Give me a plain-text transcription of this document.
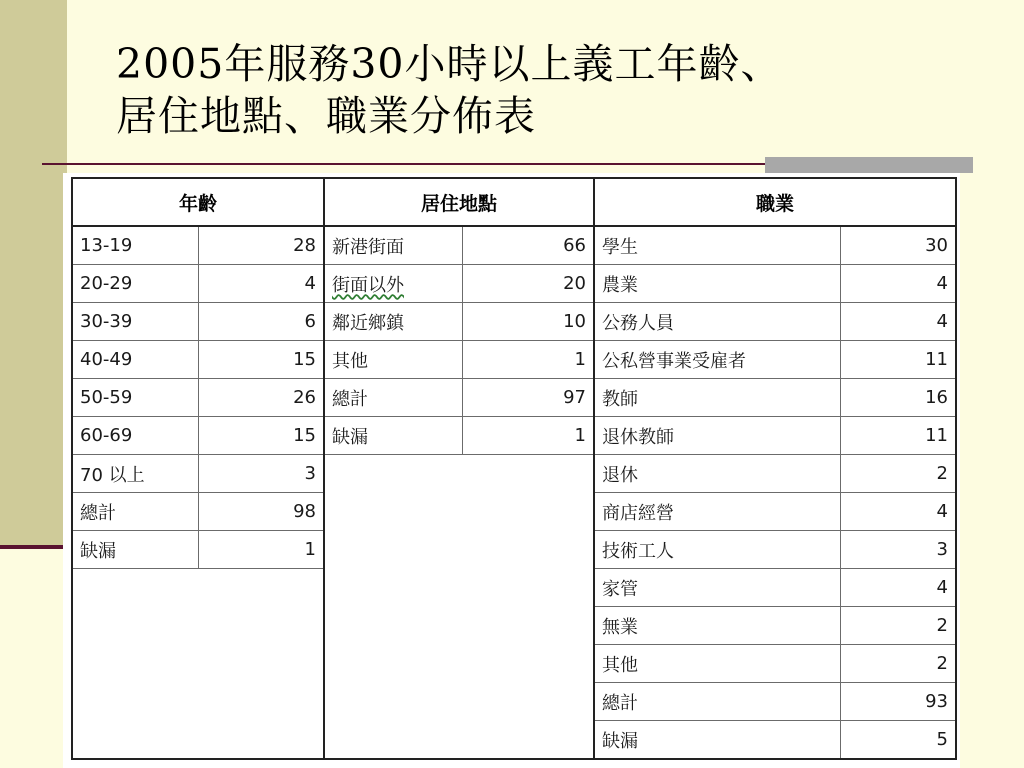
2005年服務30小時以上義工年齡、
居住地點、職業分佈表
年齡		居住地點		職業	
13-19	28	新港街面	66	學生	30
20-29	4	街面以外	20	農業	4
30-39	6	鄰近鄉鎮	10	公務人員	4
40-49	15	其他	1	公私營事業受雇者	11
50-59	26	總計	97	教師	16
60-69	15	缺漏	1	退休教師	11
70 以上	3			退休	2
總計	98			商店經營	4
缺漏	1			技術工人	3
				家管	4
				無業	2
				其他	2
				總計	93
				缺漏	5
